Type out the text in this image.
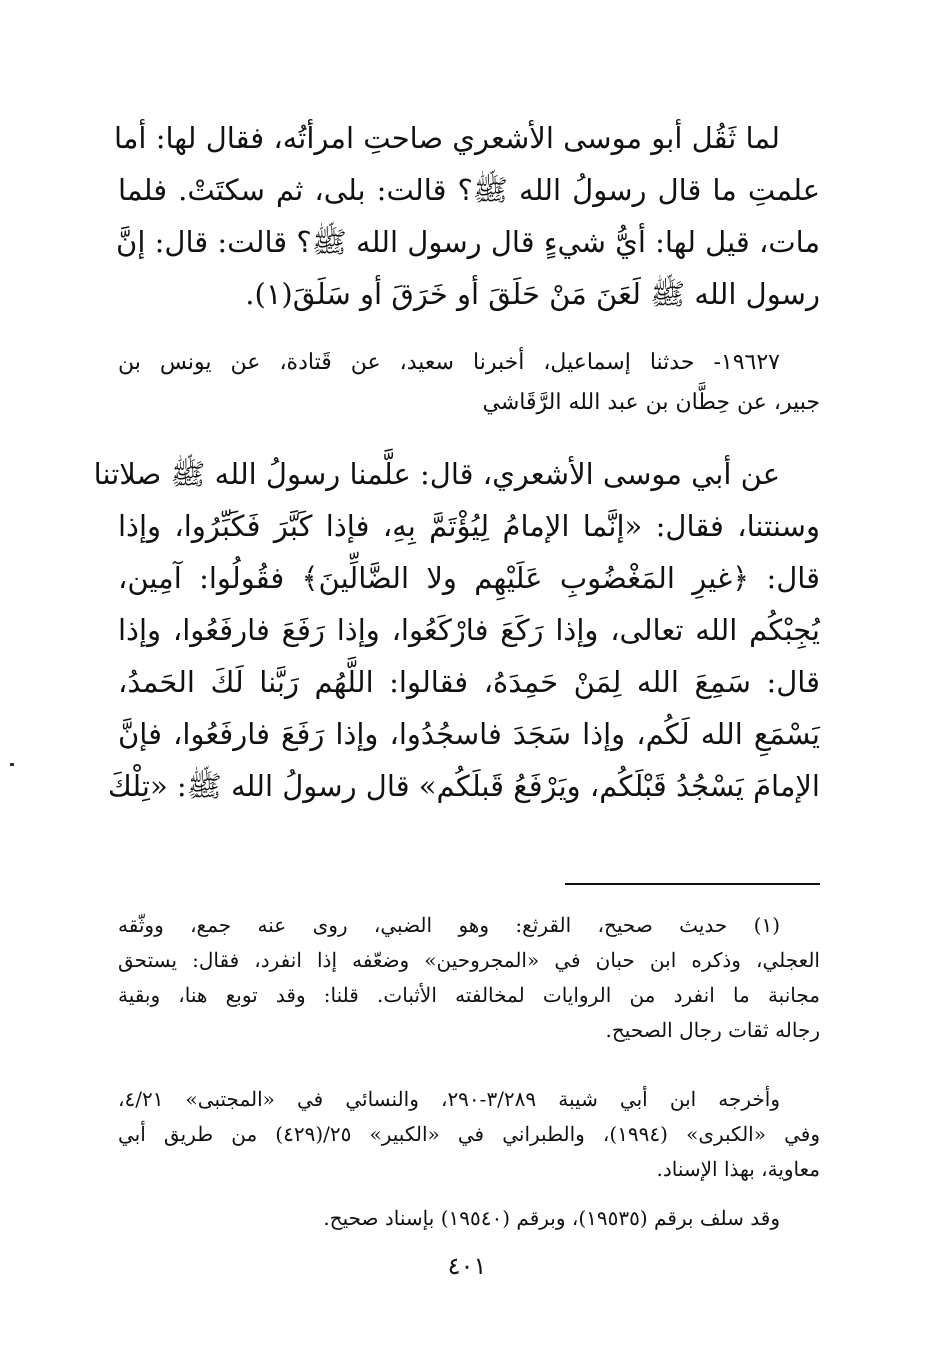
لما ثَقُل أبو موسى الأشعري صاحتِ امرأتُه، فقال لها: أما
علمتِ ما قال رسولُ الله ﷺ؟ قالت: بلى، ثم سكتَتْ. فلما
مات، قيل لها: أيُّ شيءٍ قال رسول الله ﷺ؟ قالت: قال: إنَّ
رسول الله ﷺ لَعَنَ مَنْ حَلَقَ أو خَرَقَ أو سَلَقَ(١).
١٩٦٢٧- حدثنا إسماعيل، أخبرنا سعيد، عن قَتادة، عن يونس بن
جبير، عن حِطَّان بن عبد الله الرَّقَاشي
عن أبي موسى الأشعري، قال: علَّمنا رسولُ الله ﷺ صلاتنا
وسنتنا، فقال: «إنَّما الإمامُ لِيُؤْتَمَّ بِهِ، فإذا كَبَّرَ فَكَبِّرُوا، وإذا
قال: ﴿غيرِ المَغْضُوبِ عَلَيْهِم ولا الضَّالِّينَ﴾ فقُولُوا: آمِين،
يُجِبْكُم الله تعالى، وإذا رَكَعَ فارْكَعُوا، وإذا رَفَعَ فارفَعُوا، وإذا
قال: سَمِعَ الله لِمَنْ حَمِدَهُ، فقالوا: اللَّهُم رَبَّنا لَكَ الحَمدُ،
يَسْمَعِ الله لَكُم، وإذا سَجَدَ فاسجُدُوا، وإذا رَفَعَ فارفَعُوا، فإنَّ
الإمامَ يَسْجُدُ قَبْلَكُم، ويَرْفَعُ قَبلَكُم» قال رسولُ الله ﷺ: «تِلْكَ
(١) حديث صحيح، القرثع: وهو الضبي، روى عنه جمع، ووثّقه
العجلي، وذكره ابن حبان في «المجروحين» وضعّفه إذا انفرد، فقال: يستحق
مجانبة ما انفرد من الروايات لمخالفته الأثبات. قلنا: وقد توبع هنا، وبقية
رجاله ثقات رجال الصحيح.
وأخرجه ابن أبي شيبة ٣/٢٨٩-٢٩٠، والنسائي في «المجتبى» ٤/٢١،
وفي «الكبرى» (١٩٩٤)، والطبراني في «الكبير» ٢٥/(٤٢٩) من طريق أبي
معاوية، بهذا الإسناد.
وقد سلف برقم (١٩٥٣٥)، وبرقم (١٩٥٤٠) بإسناد صحيح.
٤٠١
